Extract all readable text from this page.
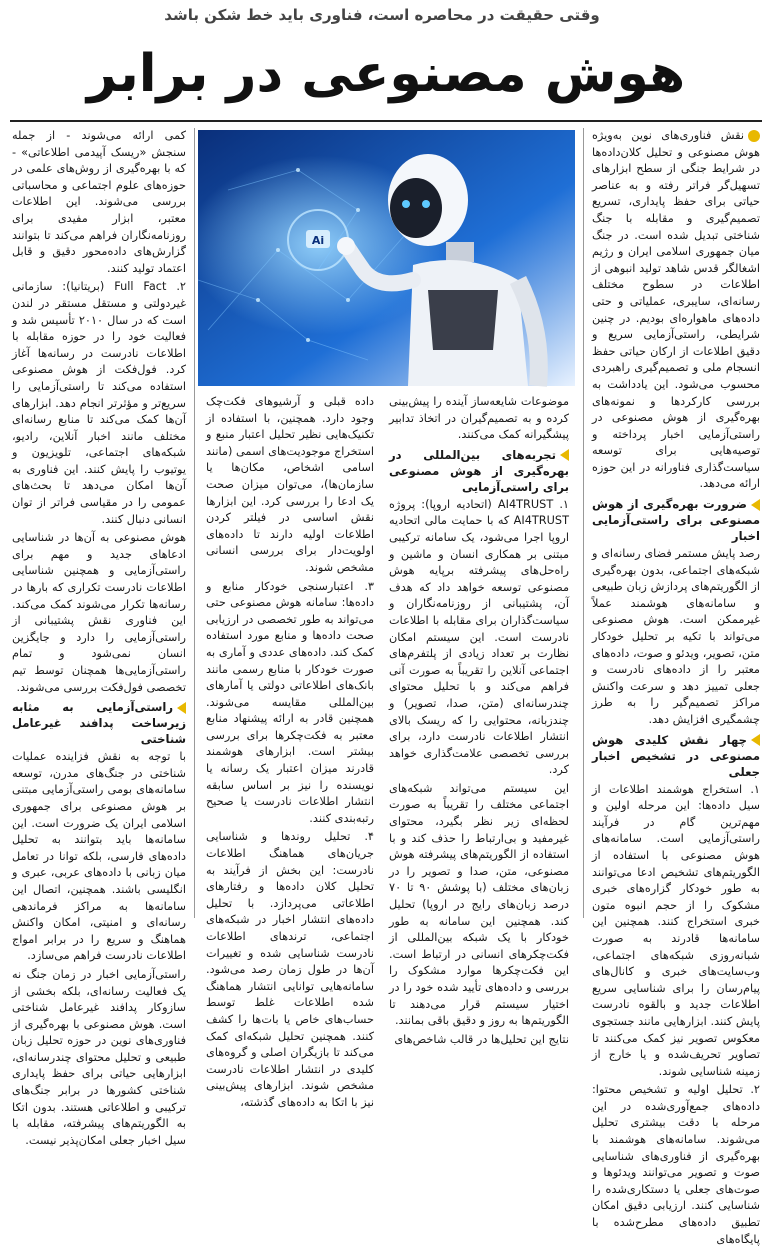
وقتی حقیقت در محاصره است، فناوری باید خط شکن باشد
هوش مصنوعی در برابر

نقش فناوری‌های نوین به‌ویژه هوش مصنوعی و تحلیل کلان‌داده‌ها در شرایط جنگی از سطح ابزارهای تسهیل‌گر فراتر رفته و به عناصر حیاتی برای حفظ پایداری، تسریع تصمیم‌گیری و مقابله با جنگ شناختی تبدیل شده است. در جنگ میان جمهوری اسلامی ایران و رژیم اشغالگر قدس شاهد تولید انبوهی از اطلاعات در سطوح مختلف رسانه‌ای، سایبری، عملیاتی و حتی داده‌های ماهواره‌ای بودیم. در چنین شرایطی، راستی‌آزمایی سریع و دقیق اطلاعات از ارکان حیاتی حفظ انسجام ملی و تصمیم‌گیری راهبردی محسوب می‌شود. این یادداشت به بررسی کارکردها و نمونه‌های بهره‌گیری از هوش مصنوعی در راستی‌آزمایی اخبار پرداخته و توصیه‌هایی برای توسعه سیاست‌گذاری فناورانه در این حوزه ارائه می‌دهد.

ضرورت بهره‌گیری از هوش مصنوعی برای راستی‌آزمایی اخبار

رصد پایش مستمر فضای رسانه‌ای و شبکه‌های اجتماعی، بدون بهره‌گیری از الگوریتم‌های پردازش زبان طبیعی و سامانه‌های هوشمند عملاً غیرممکن است. هوش مصنوعی می‌تواند با تکیه بر تحلیل خودکار متن، تصویر، ویدئو و صوت، داده‌های معتبر را از داده‌های نادرست و جعلی تمییز دهد و سرعت واکنش مراکز تصمیم‌گیر را به طرز چشمگیری افزایش دهد.

چهار نقش کلیدی هوش مصنوعی در تشخیص اخبار جعلی

۱. استخراج هوشمند اطلاعات از سیل داده‌ها: این مرحله اولین و مهم‌ترین گام در فرآیند راستی‌آزمایی است. سامانه‌های هوش مصنوعی با استفاده از الگوریتم‌های تشخیص ادعا می‌توانند به طور خودکار گزاره‌های خبری مشکوک را از حجم انبوه متون خبری استخراج کنند. همچنین این سامانه‌ها قادرند به صورت شبانه‌روزی شبکه‌های اجتماعی، وب‌سایت‌های خبری و کانال‌های پیام‌رسان را برای شناسایی سریع اطلاعات جدید و بالقوه نادرست پایش کنند. ابزارهایی مانند جستجوی معکوس تصویر نیز کمک می‌کنند تا تصاویر تحریف‌شده و یا خارج از زمینه شناسایی شوند.

۲. تحلیل اولیه و تشخیص محتوا: داده‌های جمع‌آوری‌شده در این مرحله با دقت بیشتری تحلیل می‌شوند. سامانه‌های هوشمند با بهره‌گیری از فناوری‌های شناسایی صوت و تصویر می‌توانند ویدئوها و صوت‌های جعلی یا دستکاری‌شده را شناسایی کنند. ارزیابی دقیق امکان تطبیق داده‌های مطرح‌شده با پایگاه‌های

Ai

داده قبلی و آرشیوهای فکت‌چک وجود دارد. همچنین، با استفاده از تکنیک‌هایی نظیر تحلیل اعتبار منبع و استخراج موجودیت‌های اسمی (مانند اسامی اشخاص، مکان‌ها یا سازمان‌ها)، می‌توان میزان صحت یک ادعا را بررسی کرد. این ابزارها نقش اساسی در فیلتر کردن اطلاعات اولیه دارند تا داده‌های اولویت‌دار برای بررسی انسانی مشخص شوند.

۳. اعتبارسنجی خودکار منابع و داده‌ها: سامانه هوش مصنوعی حتی می‌تواند به طور تخصصی در ارزیابی صحت داده‌ها و منابع مورد استفاده کمک کند. داده‌های عددی و آماری به صورت خودکار با منابع رسمی مانند بانک‌های اطلاعاتی دولتی یا آمارهای بین‌المللی مقایسه می‌شوند. همچنین قادر به ارائه پیشنهاد منابع معتبر به فکت‌چکرها برای بررسی بیشتر است. ابزارهای هوشمند قادرند میزان اعتبار یک رسانه یا نویسنده را نیز بر اساس سابقه انتشار اطلاعات نادرست یا صحیح رتبه‌بندی کنند.

۴. تحلیل روندها و شناسایی جریان‌های هماهنگ اطلاعات نادرست: این بخش از فرآیند به تحلیل کلان داده‌ها و رفتارهای اطلاعاتی می‌پردازد. با تحلیل داده‌های انتشار اخبار در شبکه‌های اجتماعی، ترندهای اطلاعات نادرست شناسایی شده و تغییرات آن‌ها در طول زمان رصد می‌شود. سامانه‌هایی توانایی انتشار هماهنگ شده اطلاعات غلط توسط حساب‌های خاص یا بات‌ها را کشف کنند. همچنین تحلیل شبکه‌ای کمک می‌کند تا بازیگران اصلی و گروه‌های کلیدی در انتشار اطلاعات نادرست مشخص شوند. ابزارهای پیش‌بینی نیز با اتکا به داده‌های گذشته،

موضوعات شایعه‌ساز آینده را پیش‌بینی کرده و به تصمیم‌گیران در اتخاذ تدابیر پیشگیرانه کمک می‌کنند.

تجربه‌های بین‌المللی در بهره‌گیری از هوش مصنوعی برای راستی‌آزمایی

۱. AI4TRUST (اتحادیه اروپا): پروژه AI4TRUST که با حمایت مالی اتحادیه اروپا اجرا می‌شود، یک سامانه ترکیبی مبتنی بر همکاری انسان و ماشین و راه‌حل‌های پیشرفته برپایه هوش مصنوعی توسعه خواهد داد که هدف آن، پشتیبانی از روزنامه‌نگاران و سیاست‌گذاران برای مقابله با اطلاعات نادرست است. این سیستم امکان نظارت بر تعداد زیادی از پلتفرم‌های اجتماعی آنلاین را تقریباً به صورت آنی فراهم می‌کند و با تحلیل محتوای چندرسانه‌ای (متن، صدا، تصویر) و چندزبانه، محتوایی را که ریسک بالای انتشار اطلاعات نادرست دارد، برای بررسی تخصصی علامت‌گذاری خواهد کرد.

این سیستم می‌تواند شبکه‌های اجتماعی مختلف را تقریباً به صورت لحظه‌ای زیر نظر بگیرد، محتوای غیرمفید و بی‌ارتباط را حذف کند و با استفاده از الگوریتم‌های پیشرفته هوش مصنوعی، متن، صدا و تصویر را در زبان‌های مختلف (با پوشش ۹۰ تا ۷۰ درصد زبان‌های رایج در اروپا) تحلیل کند. همچنین این سامانه به طور خودکار با یک شبکه بین‌المللی از فکت‌چکرهای انسانی در ارتباط است. این فکت‌چکرها موارد مشکوک را بررسی و داده‌های تأیید شده خود را در اختیار سیستم قرار می‌دهند تا الگوریتم‌ها به روز و دقیق باقی بمانند.

نتایج این تحلیل‌ها در قالب شاخص‌های

کمی ارائه می‌شوند - از جمله سنجش «ریسک آپیدمی اطلاعاتی» - که با بهره‌گیری از روش‌های علمی در حوزه‌های علوم اجتماعی و محاسباتی بررسی می‌شوند. این اطلاعات معتبر، ابزار مفیدی برای روزنامه‌نگاران فراهم می‌کند تا بتوانند گزارش‌های داده‌محور دقیق و قابل اعتماد تولید کنند.

۲. Full Fact (بریتانیا): سازمانی غیردولتی و مستقل مستقر در لندن است که در سال ۲۰۱۰ تأسیس شد و فعالیت خود را در حوزه مقابله با اطلاعات نادرست در رسانه‌ها آغاز کرد. فول‌فکت از هوش مصنوعی استفاده می‌کند تا راستی‌آزمایی را سریع‌تر و مؤثرتر انجام دهد. ابزارهای آن‌ها کمک می‌کند تا منابع رسانه‌ای مختلف مانند اخبار آنلاین، رادیو، شبکه‌های اجتماعی، تلویزیون و یوتیوب را پایش کنند. این فناوری به آن‌ها امکان می‌دهد تا بحث‌های عمومی را در مقیاسی فراتر از توان انسانی دنبال کنند.

هوش مصنوعی به آن‌ها در شناسایی ادعاهای جدید و مهم برای راستی‌آزمایی و همچنین شناسایی اطلاعات نادرست تکراری که بارها در رسانه‌ها تکرار می‌شوند کمک می‌کند. این فناوری نقش پشتیبانی از راستی‌آزمایی را دارد و جایگزین انسان نمی‌شود و تمام راستی‌آزمایی‌ها همچنان توسط تیم تخصصی فول‌فکت بررسی می‌شوند.

راستی‌آزمایی به مثابه زیرساخت پدافند غیرعامل شناختی

با توجه به نقش فزاینده عملیات شناختی در جنگ‌های مدرن، توسعه سامانه‌های بومی راستی‌آزمایی مبتنی بر هوش مصنوعی برای جمهوری اسلامی ایران یک ضرورت است. این سامانه‌ها باید بتوانند به تحلیل داده‌های فارسی، بلکه توانا در تعامل میان زبانی با داده‌های عربی، عبری و انگلیسی باشند. همچنین، اتصال این سامانه‌ها به مراکز فرماندهی رسانه‌ای و امنیتی، امکان واکنش هماهنگ و سریع را در برابر امواج اطلاعات نادرست فراهم می‌سازد.

راستی‌آزمایی اخبار در زمان جنگ نه یک فعالیت رسانه‌ای، بلکه بخشی از سازوکار پدافند غیرعامل شناختی است. هوش مصنوعی با بهره‌گیری از فناوری‌های نوین در حوزه تحلیل زبان طبیعی و تحلیل محتوای چندرسانه‌ای، ابزارهایی حیاتی برای حفظ پایداری شناختی کشورها در برابر جنگ‌های ترکیبی و اطلاعاتی هستند. بدون اتکا به الگوریتم‌های پیشرفته، مقابله با سیل اخبار جعلی امکان‌پذیر نیست.
